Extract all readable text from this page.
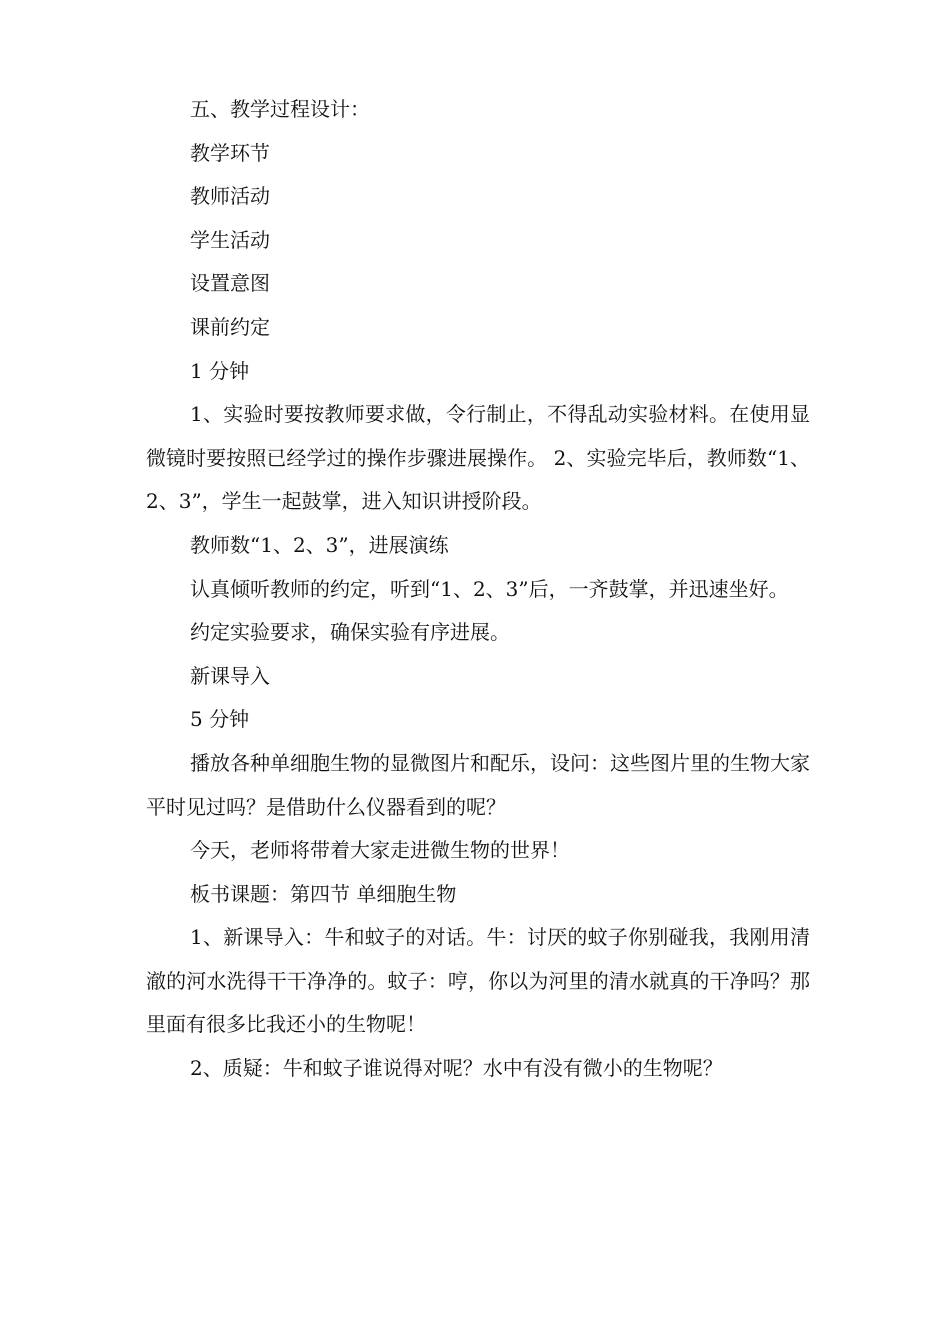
五、教学过程设计：

教学环节

教师活动

学生活动

设置意图

课前约定

1 分钟

1、实验时要按教师要求做，令行制止，不得乱动实验材料。在使用显微镜时要按照已经学过的操作步骤进展操作。 2、实验完毕后，教师数“1、2、3”，学生一起鼓掌，进入知识讲授阶段。

教师数“1、2、3”，进展演练

认真倾听教师的约定，听到“1、2、3”后，一齐鼓掌，并迅速坐好。

约定实验要求，确保实验有序进展。

新课导入

5 分钟

播放各种单细胞生物的显微图片和配乐，设问：这些图片里的生物大家平时见过吗？是借助什么仪器看到的呢？

今天，老师将带着大家走进微生物的世界！

板书课题：第四节 单细胞生物

1、新课导入：牛和蚊子的对话。牛：讨厌的蚊子你别碰我，我刚用清澈的河水洗得干干净净的。蚊子：哼，你以为河里的清水就真的干净吗？那里面有很多比我还小的生物呢！

2、质疑：牛和蚊子谁说得对呢？水中有没有微小的生物呢？
